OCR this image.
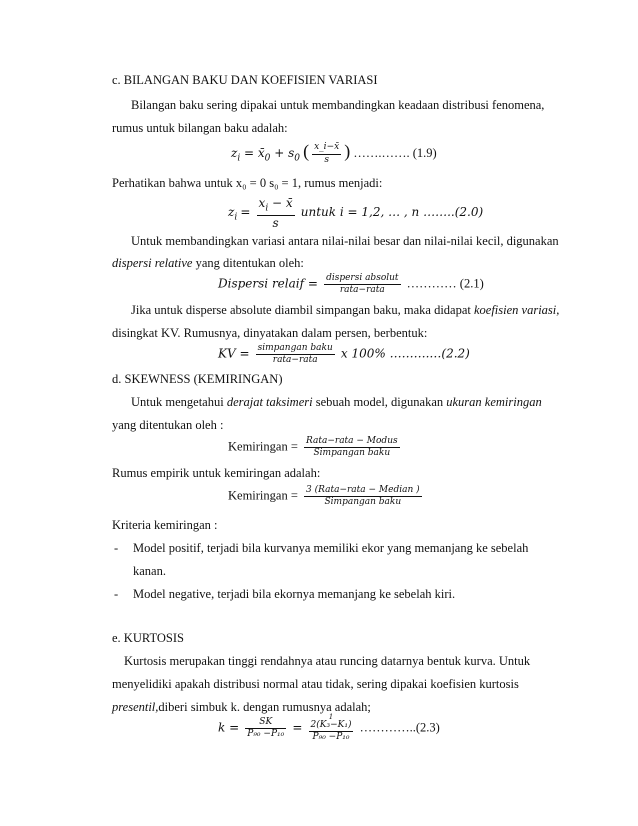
c. BILANGAN BAKU DAN KOEFISIEN VARIASI
Bilangan baku sering dipakai untuk membandingkan keadaan distribusi fenomena,
rumus untuk bilangan baku adalah:
$z_i$ = $x̄_0 + s_0$ ( $\frac{x\_i-x̄}{s}$ ) …….……. (1.9)
Perhatikan bahwa untuk x₀ = 0 s₀ = 1, rumus menjadi:
$z_i = \frac{x_i - x̄}{s}$ untuk i = 1,2, … , n ……..(2.0)
Untuk membandingkan variasi antara nilai-nilai besar dan nilai-nilai kecil, digunakan
dispersi relative yang ditentukan oleh:
Dispersi relaif = $\frac{\text{dispersi absolut}}{\text{rata−rata}}$ ………… (2.1)
Jika untuk disperse absolute diambil simpangan baku, maka didapat koefisien variasi,
disingkat KV. Rumusnya, dinyatakan dalam persen, berbentuk:
KV = $\frac{\text{simpangan baku}}{\text{rata−rata}}$ x 100% ……….…(2.2)
d. SKEWNESS (KEMIRINGAN)
Untuk mengetahui derajat taksimeri sebuah model, digunakan ukuran kemiringan
yang ditentukan oleh :
Kemiringan = $\frac{\text{Rata−rata − Modus}}{\text{Simpangan baku}}$
Rumus empirik untuk kemiringan adalah:
Kemiringan = $\frac{\text{3 (Rata−rata − Median )}}{\text{Simpangan baku}}$
Kriteria kemiringan :
- Model positif, terjadi bila kurvanya memiliki ekor yang memanjang ke sebelah
kanan.
- Model negative, terjadi bila ekornya memanjang ke sebelah kiri.
e. KURTOSIS
Kurtosis merupakan tinggi rendahnya atau runcing datarnya bentuk kurva. Untuk
menyelidiki apakah distribusi normal atau tidak, sering dipakai koefisien kurtosis
presentil,diberi simbuk k. dengan rumusnya adalah;
$k = \frac{SK}{\text{P₉₀ −P₁₀}} = 1$
2(K₃−K₁)
P₉₀ −P₁₀ …………..(2.3)
